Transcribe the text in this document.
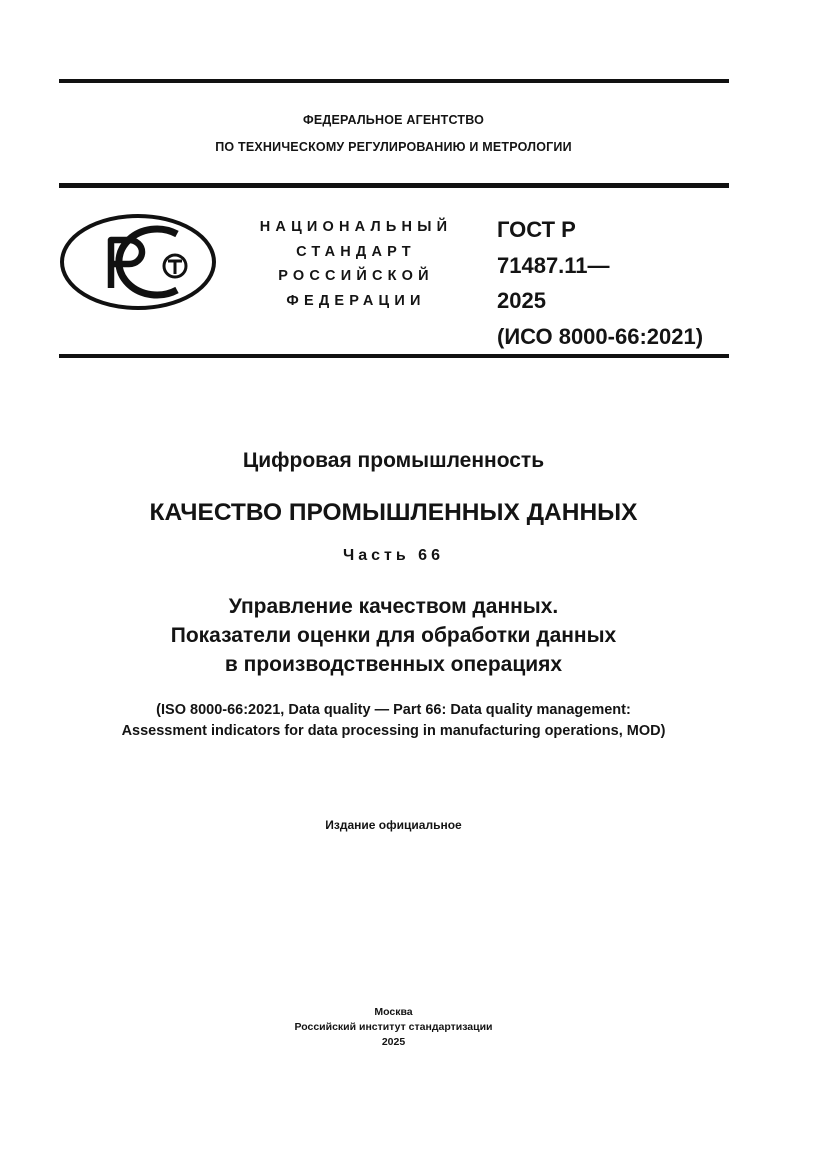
ФЕДЕРАЛЬНОЕ АГЕНТСТВО
ПО ТЕХНИЧЕСКОМУ РЕГУЛИРОВАНИЮ И МЕТРОЛОГИИ
НАЦИОНАЛЬНЫЙ
СТАНДАРТ
РОССИЙСКОЙ
ФЕДЕРАЦИИ
ГОСТ Р
71487.11—
2025
(ИСО 8000-66:2021)
Цифровая промышленность
КАЧЕСТВО ПРОМЫШЛЕННЫХ ДАННЫХ
Часть 66
Управление качеством данных.
Показатели оценки для обработки данных
в производственных операциях
(ISO 8000-66:2021, Data quality — Part 66: Data quality management:
Assessment indicators for data processing in manufacturing operations, MOD)
Издание официальное
Москва
Российский институт стандартизации
2025
